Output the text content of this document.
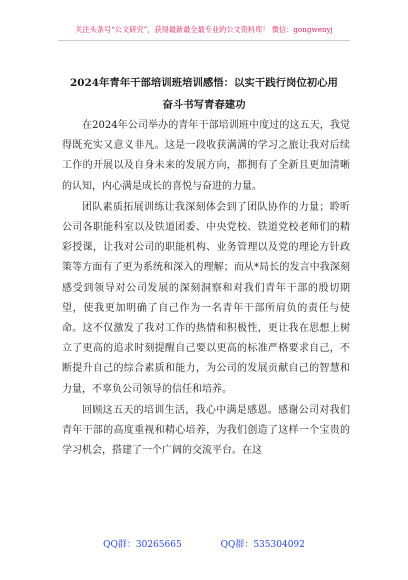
关注头条号“公文研究”，获得最新最全最专业的公文资料库！ 微信：gongwenyj
2024年青年干部培训班培训感悟：以实干践行岗位初心用
奋斗书写青春建功

在2024年公司举办的青年干部培训班中度过的这五天，我觉得既充实又意义非凡。这是一段收获满满的学习之旅让我对后续工作的开展以及自身未来的发展方向，都拥有了全新且更加清晰的认知，内心满是成长的喜悦与奋进的力量。

团队素质拓展训练让我深刻体会到了团队协作的力量；聆听公司各职能科室以及铁道团委、中央党校、铁道党校老师们的精彩授课，让我对公司的职能机构、业务管理以及党的理论方针政策等方面有了更为系统和深入的理解；而从*局长的发言中我深刻感受到领导对公司发展的深刻洞察和对我们青年干部的殷切期望，使我更加明确了自己作为一名青年干部所肩负的责任与使命。这不仅激发了我对工作的热情和积极性，更让我在思想上树立了更高的追求时刻提醒自己要以更高的标准严格要求自己，不断提升自己的综合素质和能力，为公司的发展贡献自己的智慧和力量，不辜负公司领导的信任和培养。

回顾这五天的培训生活，我心中满是感恩。感谢公司对我们青年干部的高度重视和精心培养，为我们创造了这样一个宝贵的学习机会，搭建了一个广阔的交流平台。在这

QQ群：30265665	QQ群：535304092
